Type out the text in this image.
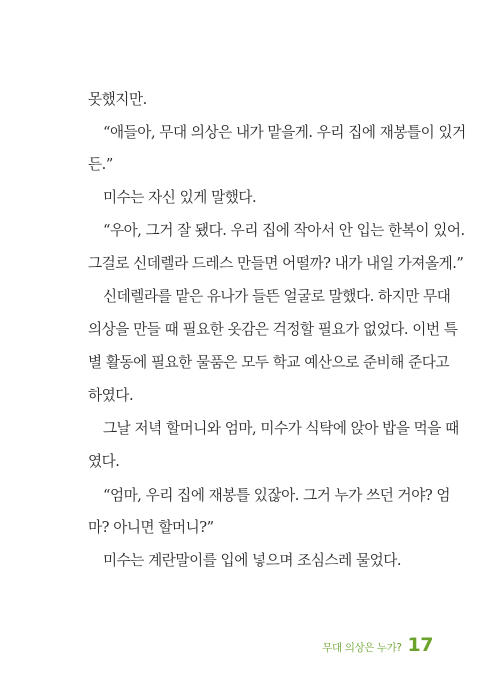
못했지만.
“애들아, 무대 의상은 내가 맡을게. 우리 집에 재봉틀이 있거
든.”
미수는 자신 있게 말했다.
“우아, 그거 잘 됐다. 우리 집에 작아서 안 입는 한복이 있어.
그걸로 신데렐라 드레스 만들면 어떨까? 내가 내일 가져올게.”
신데렐라를 맡은 유나가 들뜬 얼굴로 말했다. 하지만 무대
의상을 만들 때 필요한 옷감은 걱정할 필요가 없었다. 이번 특
별 활동에 필요한 물품은 모두 학교 예산으로 준비해 준다고
하였다.
그날 저녁 할머니와 엄마, 미수가 식탁에 앉아 밥을 먹을 때
였다.
“엄마, 우리 집에 재봉틀 있잖아. 그거 누가 쓰던 거야? 엄
마? 아니면 할머니?”
미수는 계란말이를 입에 넣으며 조심스레 물었다.
무대 의상은 누가? 17
